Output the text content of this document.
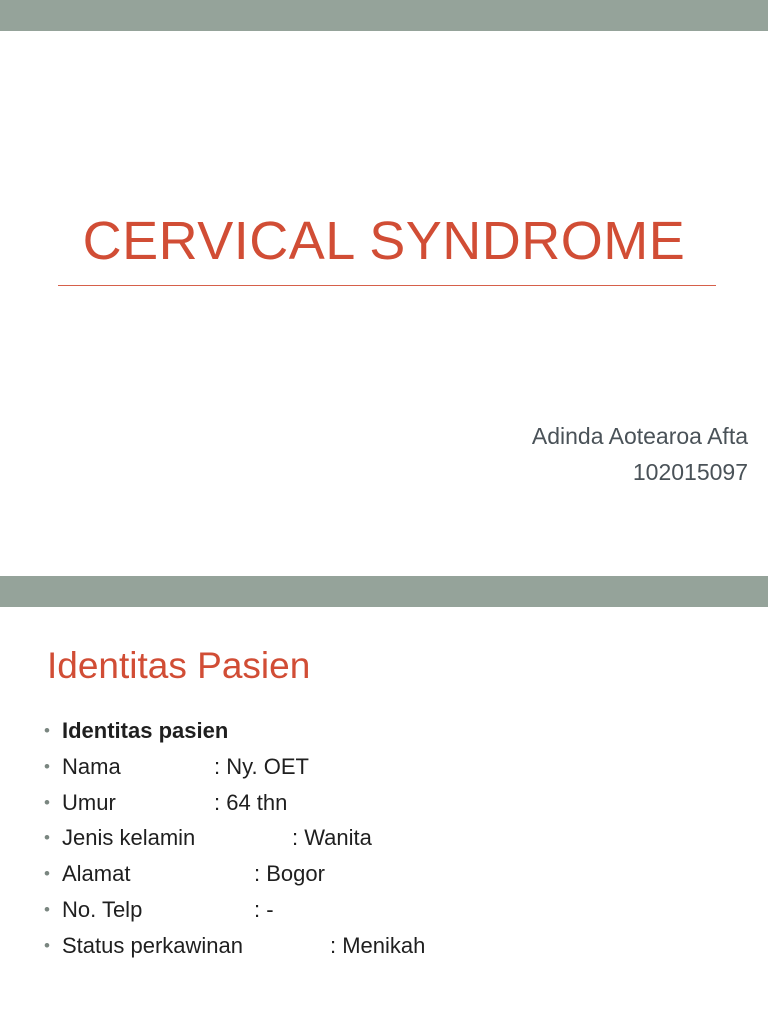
CERVICAL SYNDROME
Adinda Aotearoa Afta
102015097
Identitas Pasien
• Identitas pasien
• Nama	: Ny. OET
• Umur	: 64 thn
• Jenis kelamin	: Wanita
• Alamat	: Bogor
• No. Telp	: -
• Status perkawinan	: Menikah
